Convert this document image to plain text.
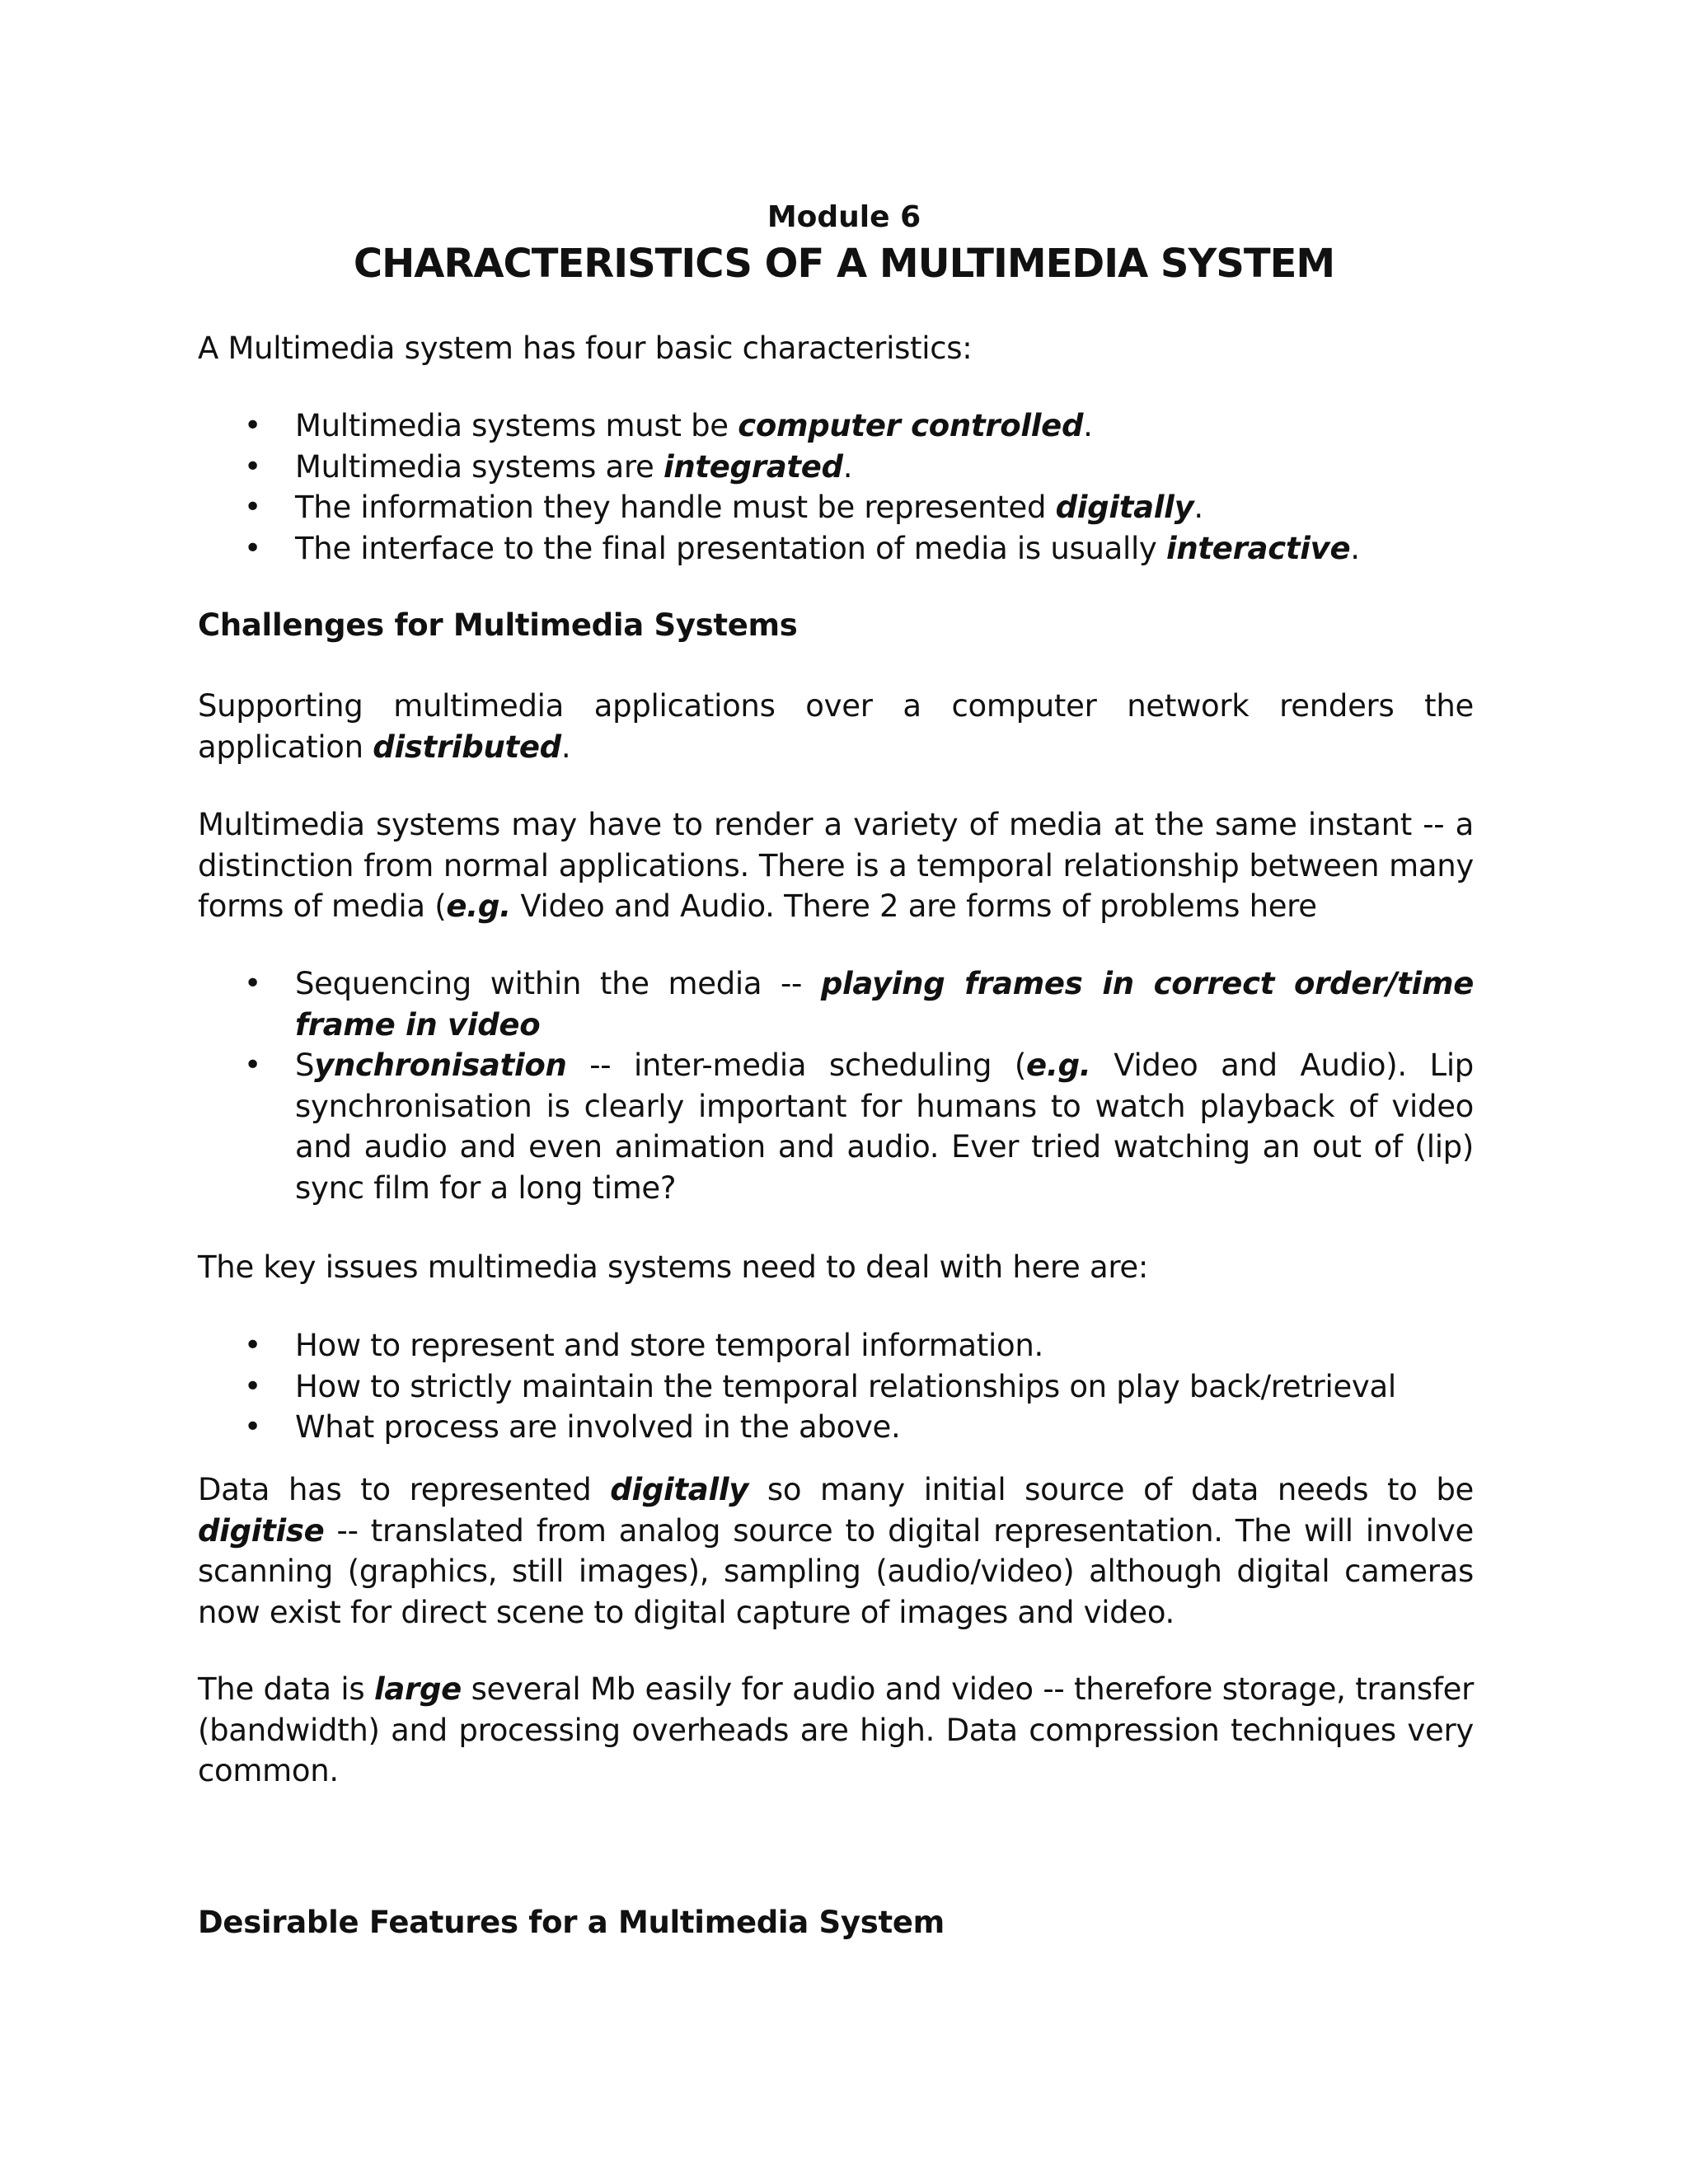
Module 6
CHARACTERISTICS OF A MULTIMEDIA SYSTEM

A Multimedia system has four basic characteristics:

• Multimedia systems must be computer controlled.
• Multimedia systems are integrated.
• The information they handle must be represented digitally.
• The interface to the final presentation of media is usually interactive.
Challenges for Multimedia Systems

Supporting multimedia applications over a computer network renders the application distributed.

Multimedia systems may have to render a variety of media at the same instant -- a distinction from normal applications. There is a temporal relationship between many forms of media (e.g. Video and Audio. There 2 are forms of problems here

• Sequencing within the media -- playing frames in correct order/time frame in video
• Synchronisation -- inter-media scheduling (e.g. Video and Audio). Lip synchronisation is clearly important for humans to watch playback of video and audio and even animation and audio. Ever tried watching an out of (lip) sync film for a long time?

The key issues multimedia systems need to deal with here are:

• How to represent and store temporal information.
• How to strictly maintain the temporal relationships on play back/retrieval
• What process are involved in the above.

Data has to represented digitally so many initial source of data needs to be digitise -- translated from analog source to digital representation. The will involve scanning (graphics, still images), sampling (audio/video) although digital cameras now exist for direct scene to digital capture of images and video.

The data is large several Mb easily for audio and video -- therefore storage, transfer (bandwidth) and processing overheads are high. Data compression techniques very common.

Desirable Features for a Multimedia System
